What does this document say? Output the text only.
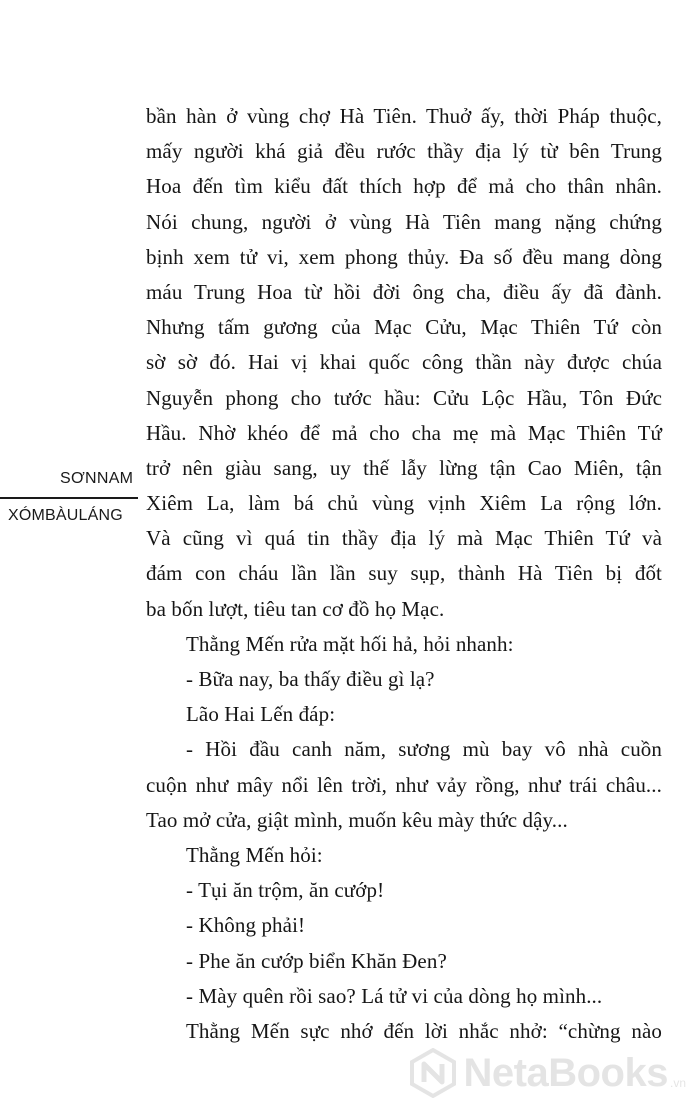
SƠNNAM
XÓMBÀULÁNG
bần hàn ở vùng chợ Hà Tiên. Thuở ấy, thời Pháp thuộc,
mấy người khá giả đều rước thầy địa lý từ bên Trung
Hoa đến tìm kiểu đất thích hợp để mả cho thân nhân.
Nói chung, người ở vùng Hà Tiên mang nặng chứng
bịnh xem tử vi, xem phong thủy. Đa số đều mang dòng
máu Trung Hoa từ hồi đời ông cha, điều ấy đã đành.
Nhưng tấm gương của Mạc Cửu, Mạc Thiên Tứ còn
sờ sờ đó. Hai vị khai quốc công thần này được chúa
Nguyễn phong cho tước hầu: Cửu Lộc Hầu, Tôn Đức
Hầu. Nhờ khéo để mả cho cha mẹ mà Mạc Thiên Tứ
trở nên giàu sang, uy thế lẫy lừng tận Cao Miên, tận
Xiêm La, làm bá chủ vùng vịnh Xiêm La rộng lớn.
Và cũng vì quá tin thầy địa lý mà Mạc Thiên Tứ và
đám con cháu lần lần suy sụp, thành Hà Tiên bị đốt
ba bốn lượt, tiêu tan cơ đồ họ Mạc.
Thằng Mến rửa mặt hối hả, hỏi nhanh:
- Bữa nay, ba thấy điều gì lạ?
Lão Hai Lến đáp:
- Hồi đầu canh năm, sương mù bay vô nhà cuồn
cuộn như mây nổi lên trời, như vảy rồng, như trái châu...
Tao mở cửa, giật mình, muốn kêu mày thức dậy...
Thằng Mến hỏi:
- Tụi ăn trộm, ăn cướp!
- Không phải!
- Phe ăn cướp biển Khăn Đen?
- Mày quên rồi sao? Lá tử vi của dòng họ mình...
Thằng Mến sực nhớ đến lời nhắc nhở: “chừng nào
NetaBooks .vn
